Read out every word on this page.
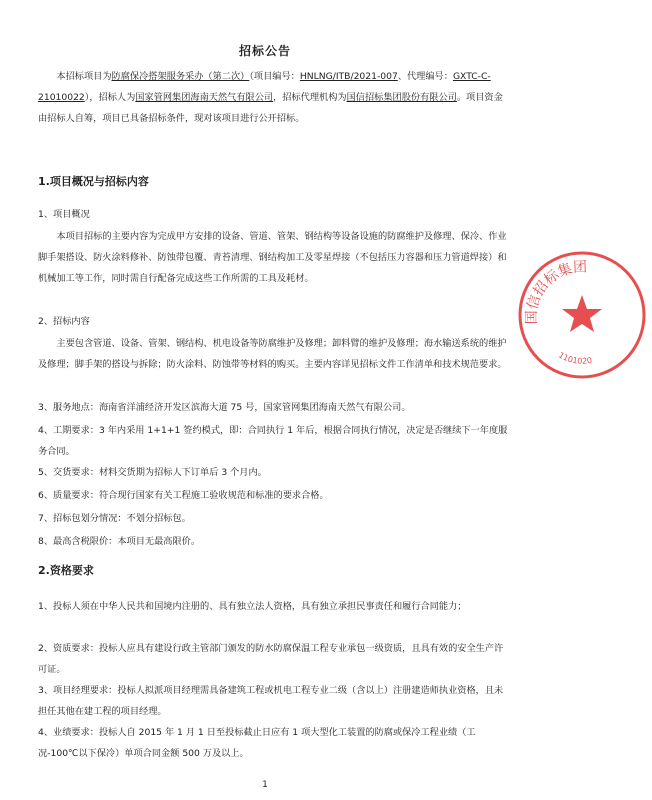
招标公告
本招标项目为防腐保冷搭架服务采办（第二次）（项目编号：HNLNG/ITB/2021-007、代理编号：GXTC-C-21010022），招标人为国家管网集团海南天然气有限公司，招标代理机构为国信招标集团股份有限公司。项目资金由招标人自筹，项目已具备招标条件，现对该项目进行公开招标。
1.项目概况与招标内容
1、项目概况
本项目招标的主要内容为完成甲方安排的设备、管道、管架、钢结构等设备设施的防腐维护及修理、保冷、作业脚手架搭设、防火涂料修补、防蚀带包覆、青苔清理、钢结构加工及零星焊接（不包括压力容器和压力管道焊接）和机械加工等工作，同时需自行配备完成这些工作所需的工具及耗材。
2、招标内容
主要包含管道、设备、管架、钢结构、机电设备等防腐维护及修理；卸料臂的维护及修理；海水输送系统的维护及修理；脚手架的搭设与拆除；防火涂料、防蚀带等材料的购买。主要内容详见招标文件工作清单和技术规范要求。
3、服务地点：海南省洋浦经济开发区滨海大道 75 号，国家管网集团海南天然气有限公司。
4、工期要求：3 年内采用 1+1+1 签约模式，即：合同执行 1 年后，根据合同执行情况，决定是否继续下一年度服务合同。
5、交货要求：材料交货期为招标人下订单后 3 个月内。
6、质量要求：符合现行国家有关工程施工验收规范和标准的要求合格。
7、招标包划分情况：不划分招标包。
8、最高含税限价：本项目无最高限价。
2.资格要求
1、投标人须在中华人民共和国境内注册的、具有独立法人资格，具有独立承担民事责任和履行合同能力；
2、资质要求：投标人应具有建设行政主管部门颁发的防水防腐保温工程专业承包一级资质，且具有效的安全生产许可证。
3、项目经理要求：投标人拟派项目经理需具备建筑工程或机电工程专业二级（含以上）注册建造师执业资格，且未担任其他在建工程的项目经理。
4、业绩要求：投标人自 2015 年 1 月 1 日至投标截止日应有 1 项大型化工装置的防腐或保冷工程业绩（工况-100℃以下保冷）单项合同金额 500 万及以上。
1
国信招标集团
1101020
